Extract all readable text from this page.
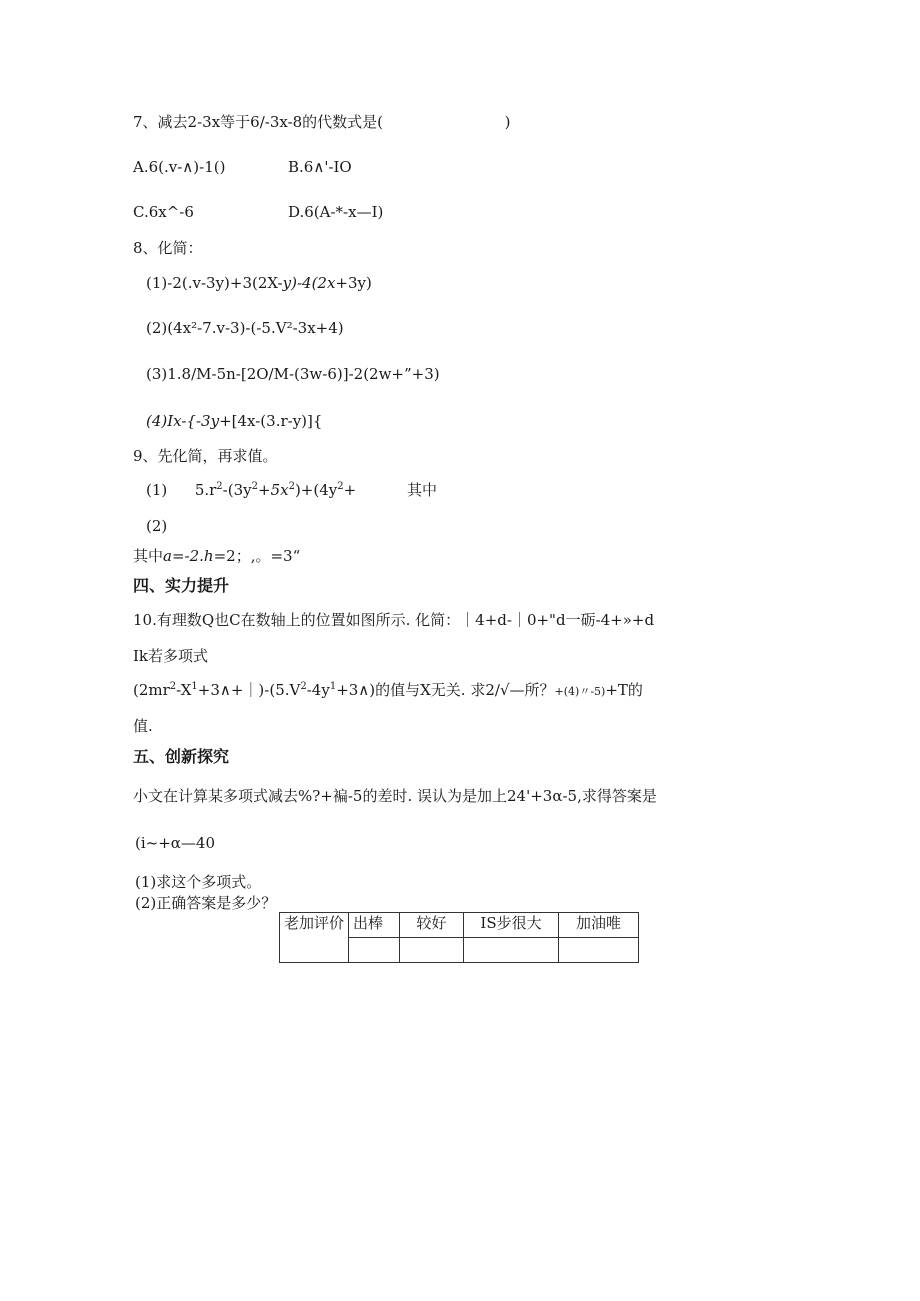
7、减去2-3x等于6∕-3x-8的代数式是(	)
A.6(.v-∧)-1()	B.6∧'-IO
C.6x^-6	D.6(A-*-x—I)
8、化简：
(1)-2(.v-3y)+3(2X-y)-4(2x+3y)
(2)(4x²-7.v-3)-(-5.V²-3x+4)
(3)1.8∕M-5n-[2O∕M-(3w-6)]-2(2w+”+3)
(4)Ix-{-3y+[4x-(3.r-y)]{
9、先化简，再求值。
(1) $5.r^2-(3y^2+5x^2)+(4y^2+$	其中
(2)
其中a=-2.h=2；,。=3“
四、实力提升
10.有理数Q也C在数轴上的位置如图所示. 化简：｜4+d-｜0+"d一砺-4+»+d
Ik若多项式
$(2mr^2-X^1+3\wedge+|)-(5.V^2-4y^1+3\wedge)$的值与X无关. 求2∕√—所？+(4)〃-5)+T的
值.
五、创新探究
小文在计算某多项式减去%?+褊-5的差时. 误认为是加上24'+3α-5,求得答案是
(i~+α—40
(1)求这个多项式。
(2)正确答案是多少？
老加评价	出棒	较好	IS步很大	加油唯
